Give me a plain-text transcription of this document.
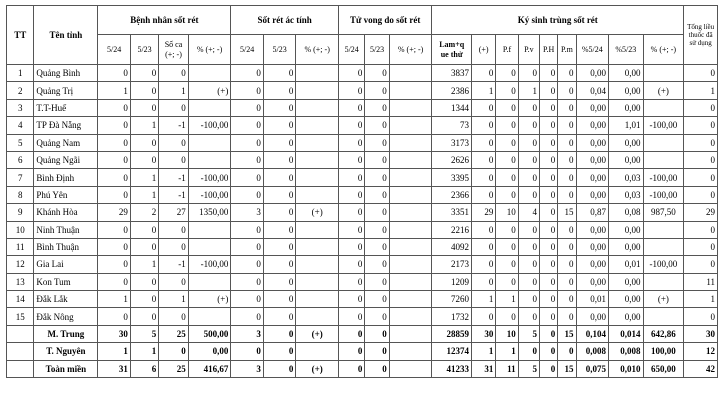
TT	Tên tỉnh	Bệnh nhân sốt rét				Sốt rét ác tính			Tử vong do sốt rét			Ký sinh trùng sốt rét									Tổng liều thuốc đã sử dụng
		5/24	5/23	Số ca (+; -)	% (+; -)	5/24	5/23	% (+; -)	5/24	5/23	% (+; -)	Lam+q ue thử	(+)	P.f	P.v	P.H	P.m	%5/24	%5/23	% (+; -)	
1	Quảng Bình	0	0	0		0	0		0	0		3837	0	0	0	0	0	0,00	0,00		0
2	Quảng Trị	1	0	1	(+)	0	0		0	0		2386	1	0	1	0	0	0,04	0,00	(+)	1
3	T.T-Huế	0	0	0		0	0		0	0		1344	0	0	0	0	0	0,00	0,00		0
4	TP Đà Nẵng	0	1	-1	-100,00	0	0		0	0		73	0	0	0	0	0	0,00	1,01	-100,00	0
5	Quảng Nam	0	0	0		0	0		0	0		3173	0	0	0	0	0	0,00	0,00		0
6	Quảng Ngãi	0	0	0		0	0		0	0		2626	0	0	0	0	0	0,00	0,00		0
7	Bình Định	0	1	-1	-100,00	0	0		0	0		3395	0	0	0	0	0	0,00	0,03	-100,00	0
8	Phú Yên	0	1	-1	-100,00	0	0		0	0		2366	0	0	0	0	0	0,00	0,03	-100,00	0
9	Khánh Hòa	29	2	27	1350,00	3	0	(+)	0	0		3351	29	10	4	0	15	0,87	0,08	987,50	29
10	Ninh Thuận	0	0	0		0	0		0	0		2216	0	0	0	0	0	0,00	0,00		0
11	Bình Thuận	0	0	0		0	0		0	0		4092	0	0	0	0	0	0,00	0,00		0
12	Gia Lai	0	1	-1	-100,00	0	0		0	0		2173	0	0	0	0	0	0,00	0,01	-100,00	0
13	Kon Tum	0	0	0		0	0		0	0		1209	0	0	0	0	0	0,00	0,00		11
14	Đắk Lắk	1	0	1	(+)	0	0		0	0		7260	1	1	0	0	0	0,01	0,00	(+)	1
15	Đắk Nông	0	0	0		0	0		0	0		1732	0	0	0	0	0	0,00	0,00		0
	M. Trung	30	5	25	500,00	3	0	(+)	0	0		28859	30	10	5	0	15	0,104	0,014	642,86	30
	T. Nguyên	1	1	0	0,00	0	0		0	0		12374	1	1	0	0	0	0,008	0,008	100,00	12
	Toàn miền	31	6	25	416,67	3	0	(+)	0	0		41233	31	11	5	0	15	0,075	0,010	650,00	42
